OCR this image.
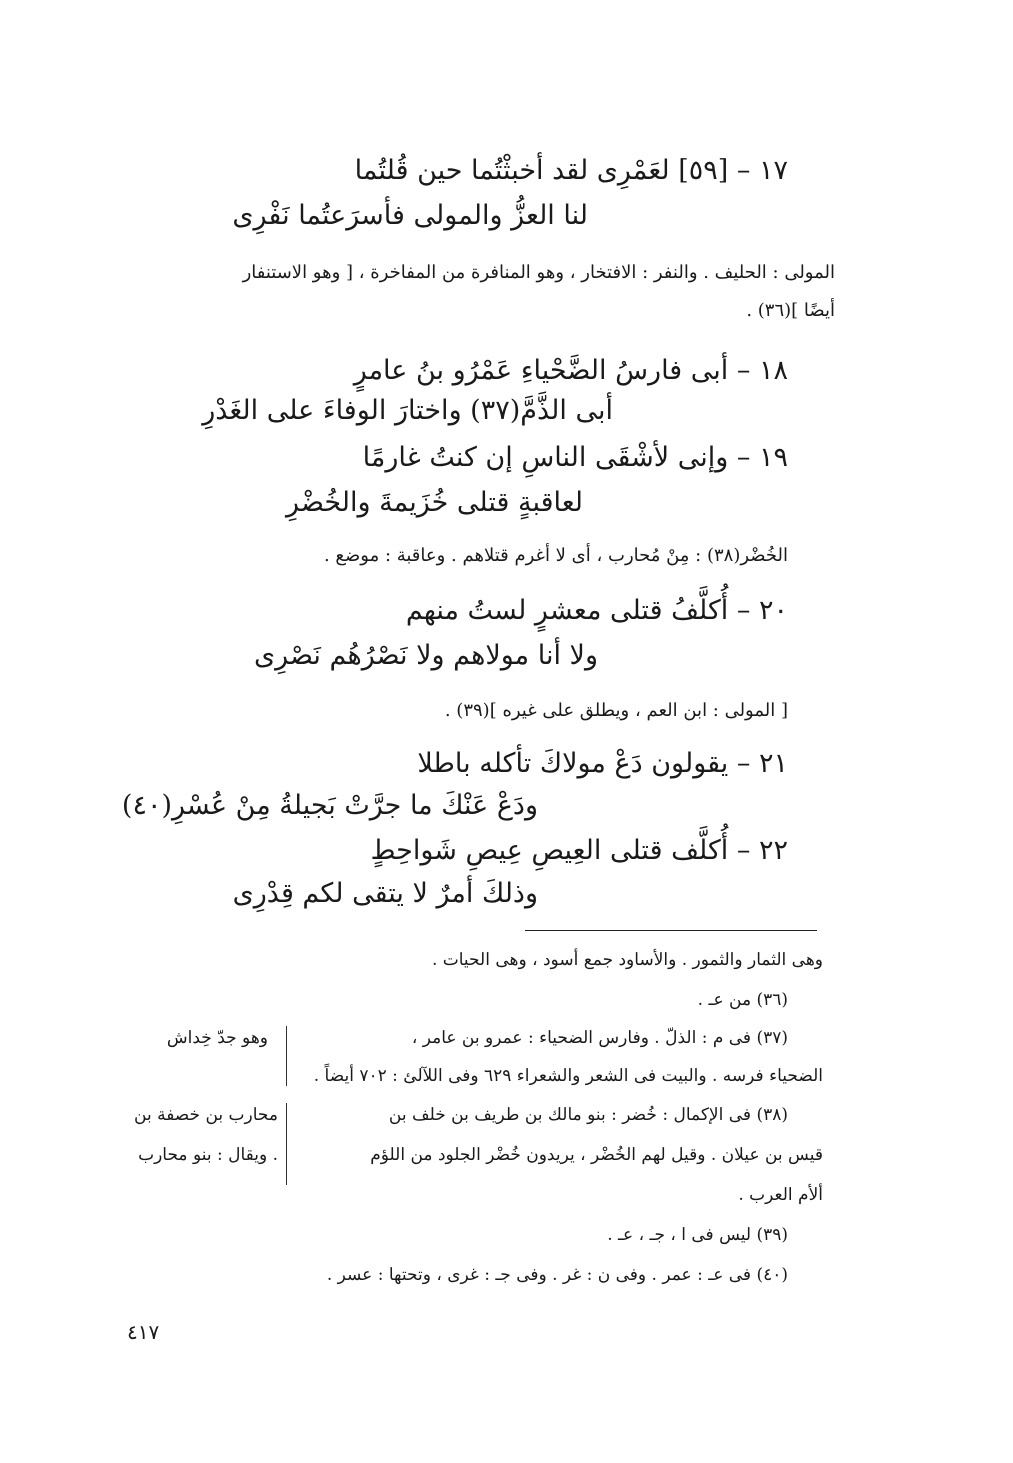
١٧ – [٥٩] لعَمْرِى لقد أخبثْتُما حين قُلتُما
لنا العزُّ والمولى فأسرَعتُما نَفْرِى
المولى : الحليف . والنفر : الافتخار ، وهو المنافرة من المفاخرة ، [ وهو الاستنفار
أيضًا ](٣٦) .
١٨ – أبى فارسُ الضَّحْياءِ عَمْرُو بنُ عامرٍ
أبى الذَّمَّ(٣٧) واختارَ الوفاءَ على الغَدْرِ
١٩ – وإنى لأشْقَى الناسِ إن كنتُ غارمًا
لعاقبةٍ قتلى خُزَيمةَ والخُضْرِ
الخُضْر(٣٨) : مِنْ مُحارب ، أى لا أغرم قتلاهم . وعاقبة : موضع .
٢٠ – أُكلَّفُ قتلى معشرٍ لستُ منهم
ولا أنا مولاهم ولا نَصْرُهُم نَصْرِى
[ المولى : ابن العم ، ويطلق على غيره ](٣٩) .
٢١ – يقولون دَعْ مولاكَ تأكله باطلا
ودَعْ عَنْكَ ما جرَّتْ بَجيلةُ مِنْ عُسْرِ(٤٠)
٢٢ – أُكلَّف قتلى العِيصِ عِيصِ شَواحِطٍ
وذلكَ أمرٌ لا يتقى لكم قِدْرِى
وهى الثمار والثمور . والأساود جمع أسود ، وهى الحيات .
(٣٦) من عـ .
(٣٧) فى م : الذلّ . وفارس الضحياء : عمرو بن عامر ،
وهو جدّ خِداش
الضحياء فرسه . والبيت فى الشعر والشعراء ٦٢٩ وفى اللآلئ : ٧٠٢ أيضاً .
(٣٨) فى الإكمال : خُضر : بنو مالك بن طريف بن خلف بن
محارب بن خصفة بن
قيس بن عيلان . وقيل لهم الخُضْر ، يريدون خُضْر الجلود من اللؤم
. ويقال : بنو محارب
ألأم العرب .
(٣٩) ليس فى ا ، جـ ، عـ .
(٤٠) فى عـ : عمر . وفى ن : غر . وفى جـ : غرى ، وتحتها : عسر .
٤١٧
